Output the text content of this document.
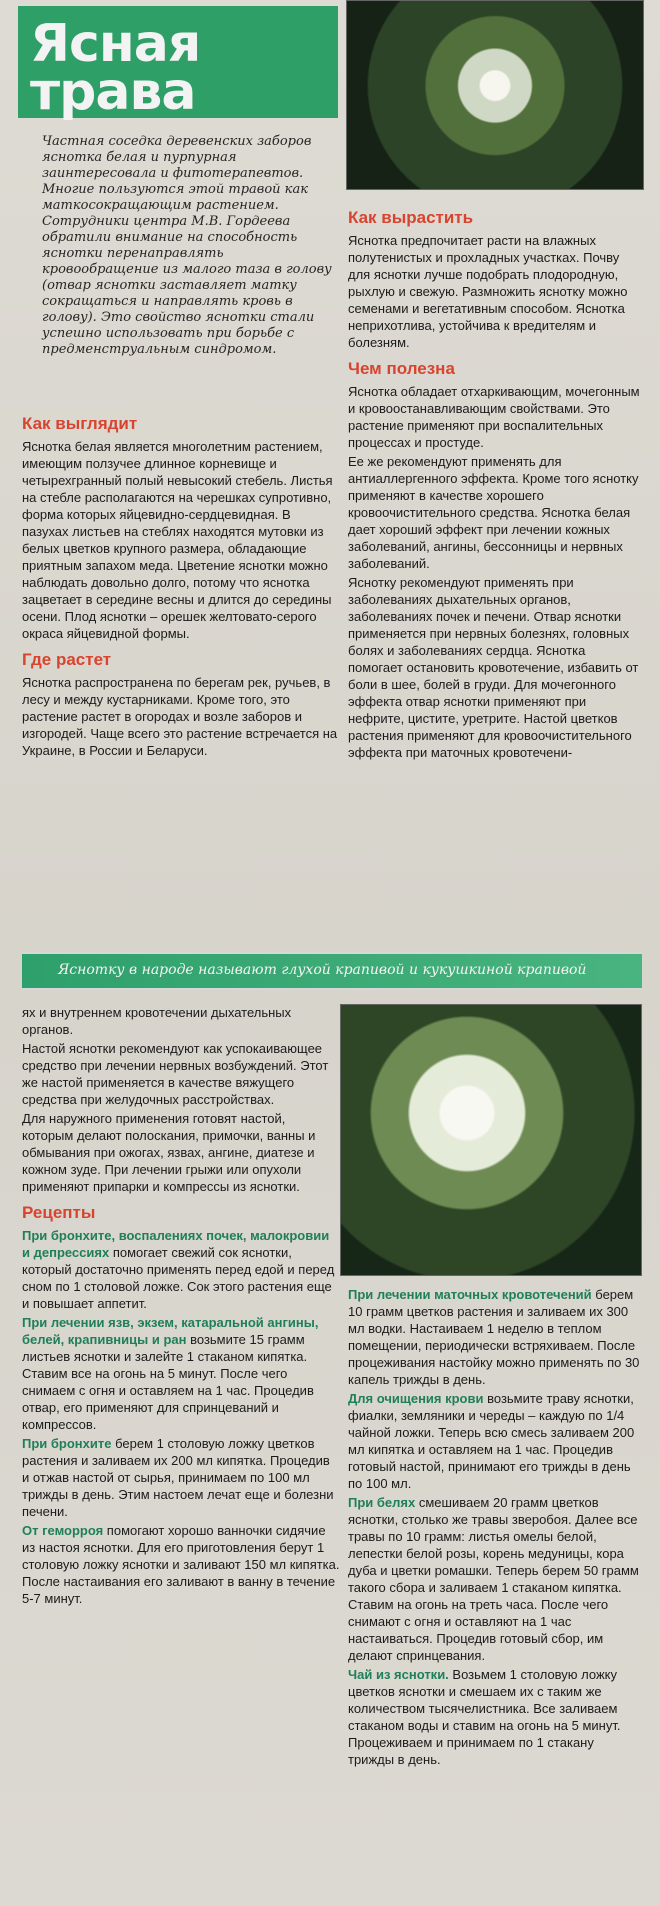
Ясная
трава
Частная соседка деревенских заборов яснотка белая и пурпурная заинтересовала и фитотерапевтов. Многие пользуются этой травой как маткосокращающим растением. Сотрудники центра М.В. Гордеева обратили внимание на способность яснотки перенаправлять кровообращение из малого таза в голову (отвар яснотки заставляет матку сокращаться и направлять кровь в голову). Это свойство яснотки стали успешно использовать при борьбе с предменструальным синдромом.
Как выглядит

Яснотка белая является многолетним растением, имеющим ползучее длинное корневище и четырехгранный полый невысокий стебель. Листья на стебле располагаются на черешках супротивно, форма которых яйцевидно-сердцевидная. В пазухах листьев на стеблях находятся мутовки из белых цветков крупного размера, обладающие приятным запахом меда. Цветение яснотки можно наблюдать довольно долго, потому что яснотка зацветает в середине весны и длится до середины осени. Плод яснотки – орешек желтовато-серого окраса яйцевидной формы.

Где растет

Яснотка распространена по берегам рек, ручьев, в лесу и между кустарниками. Кроме того, это растение растет в огородах и возле заборов и изгородей. Чаще всего это растение встречается на Украине, в России и Беларуси.

Как вырастить

Яснотка предпочитает расти на влажных полутенистых и прохладных участках. Почву для яснотки лучше подобрать плодородную, рыхлую и свежую. Размножить яснотку можно семенами и вегетативным способом. Яснотка неприхотлива, устойчива к вредителям и болезням.

Чем полезна

Яснотка обладает отхаркивающим, мочегонным и кровоостанавливающим свойствами. Это растение применяют при воспалительных процессах и простуде.

Ее же рекомендуют применять для антиаллергенного эффекта. Кроме того яснотку применяют в качестве хорошего кровоочистительного средства. Яснотка белая дает хороший эффект при лечении кожных заболеваний, ангины, бессонницы и нервных заболеваний.

Яснотку рекомендуют применять при заболеваниях дыхательных органов, заболеваниях почек и печени. Отвар яснотки применяется при нервных болезнях, головных болях и заболеваниях сердца. Яснотка помогает остановить кровотечение, избавить от боли в шее, болей в груди. Для мочегонного эффекта отвар яснотки применяют при нефрите, цистите, уретрите. Настой цветков растения применяют для кровоочистительного эффекта при маточных кровотечени-

Яснотку в народе называют глухой крапивой и кукушкиной крапивой

ях и внутреннем кровотечении дыхательных органов.

Настой яснотки рекомендуют как успокаивающее средство при лечении нервных возбуждений. Этот же настой применяется в качестве вяжущего средства при желудочных расстройствах.

Для наружного применения готовят настой, которым делают полоскания, примочки, ванны и обмывания при ожогах, язвах, ангине, диатезе и кожном зуде. При лечении грыжи или опухоли применяют припарки и компрессы из яснотки.

Рецепты

При бронхите, воспалениях почек, малокровии и депрессиях помогает свежий сок яснотки, который достаточно применять перед едой и перед сном по 1 столовой ложке. Сок этого растения еще и повышает аппетит.

При лечении язв, экзем, катаральной ангины, белей, крапивницы и ран возьмите 15 грамм листьев яснотки и залейте 1 стаканом кипятка. Ставим все на огонь на 5 минут. После чего снимаем с огня и оставляем на 1 час. Процедив отвар, его применяют для спринцеваний и компрессов.

При бронхите берем 1 столовую ложку цветков растения и заливаем их 200 мл кипятка. Процедив и отжав настой от сырья, принимаем по 100 мл трижды в день. Этим настоем лечат еще и болезни печени.

От геморроя помогают хорошо ванночки сидячие из настоя яснотки. Для его приготовления берут 1 столовую ложку яснотки и заливают 150 мл кипятка. После настаивания его заливают в ванну в течение 5-7 минут.

При лечении маточных кровотечений берем 10 грамм цветков растения и заливаем их 300 мл водки. Настаиваем 1 неделю в теплом помещении, периодически встряхиваем. После процеживания настойку можно применять по 30 капель трижды в день.

Для очищения крови возьмите траву яснотки, фиалки, земляники и череды – каждую по 1/4 чайной ложки. Теперь всю смесь заливаем 200 мл кипятка и оставляем на 1 час. Процедив готовый настой, принимают его трижды в день по 100 мл.

При белях смешиваем 20 грамм цветков яснотки, столько же травы зверобоя. Далее все травы по 10 грамм: листья омелы белой, лепестки белой розы, корень медуницы, кора дуба и цветки ромашки. Теперь берем 50 грамм такого сбора и заливаем 1 стаканом кипятка. Ставим на огонь на треть часа. После чего снимают с огня и оставляют на 1 час настаиваться. Процедив готовый сбор, им делают спринцевания.

Чай из яснотки. Возьмем 1 столовую ложку цветков яснотки и смешаем их с таким же количеством тысячелистника. Все заливаем стаканом воды и ставим на огонь на 5 минут. Процеживаем и принимаем по 1 стакану трижды в день.
